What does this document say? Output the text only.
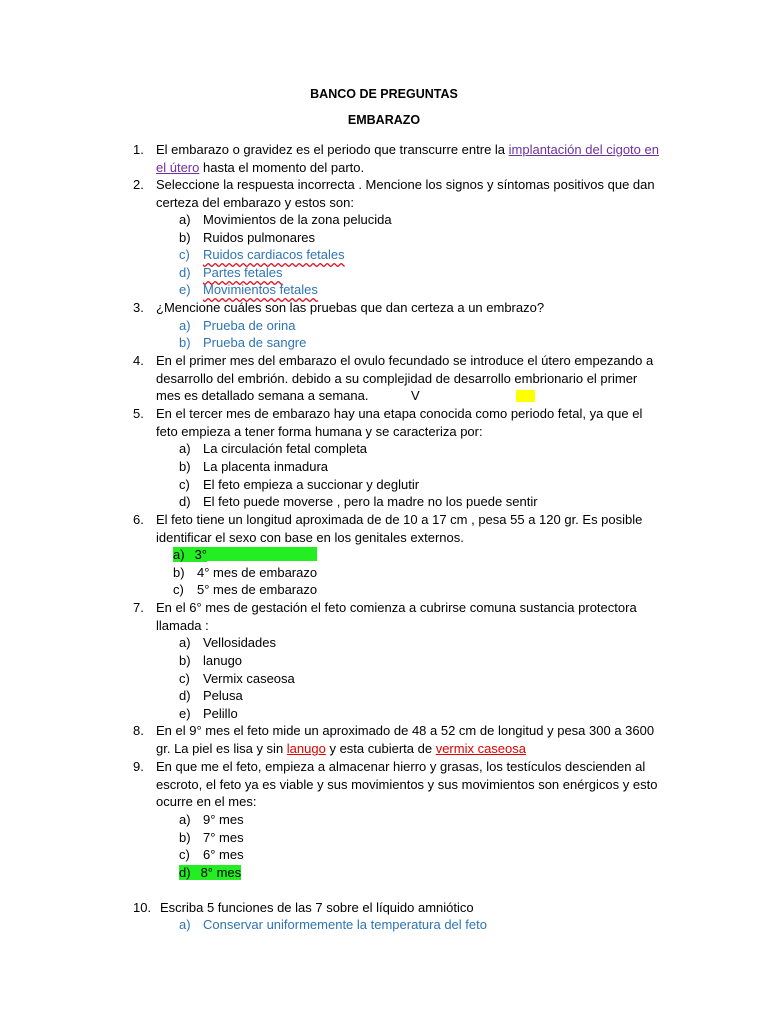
BANCO DE PREGUNTAS
EMBARAZO
1. El embarazo o gravidez es el periodo que transcurre entre la implantación del cigoto en
el útero hasta el momento del parto.
2. Seleccione la respuesta incorrecta . Mencione los signos y síntomas positivos que dan
certeza del embarazo y estos son:
a) Movimientos de la zona pelucida
b) Ruidos pulmonares
c) Ruidos cardiacos fetales
d) Partes fetales
e) Movimientos fetales
3. ¿Mencione cuáles son las pruebas que dan certeza a un embrazo?
a) Prueba de orina
b) Prueba de sangre
4. En el primer mes del embarazo el ovulo fecundado se introduce el útero empezando a
desarrollo del embrión. debido a su complejidad de desarrollo embrionario el primer
mes es detallado semana a semana.	V
5. En el tercer mes de embarazo hay una etapa conocida como periodo fetal, ya que el
feto empieza a tener forma humana y se caracteriza por:
a) La circulación fetal completa
b) La placenta inmadura
c) El feto empieza a succionar y deglutir
d) El feto puede moverse , pero la madre no los puede sentir
6. El feto tiene un longitud aproximada de de 10 a 17 cm , pesa 55 a 120 gr. Es posible
identificar el sexo con base en los genitales externos.
a) 3°
b) 4° mes de embarazo
c) 5° mes de embarazo
7. En el 6° mes de gestación el feto comienza a cubrirse comuna sustancia protectora
llamada :
a) Vellosidades
b) lanugo
c) Vermix caseosa
d) Pelusa
e) Pelillo
8. En el 9° mes el feto mide un aproximado de 48 a 52 cm de longitud y pesa 300 a 3600
gr. La piel es lisa y sin lanugo y esta cubierta de vermix caseosa
9. En que me el feto, empieza a almacenar hierro y grasas, los testículos descienden al
escroto, el feto ya es viable y sus movimientos y sus movimientos son enérgicos y esto
ocurre en el mes:
a) 9° mes
b) 7° mes
c) 6° mes
d) 8° mes
10. Escriba 5 funciones de las 7 sobre el líquido amniótico
a) Conservar uniformemente la temperatura del feto
